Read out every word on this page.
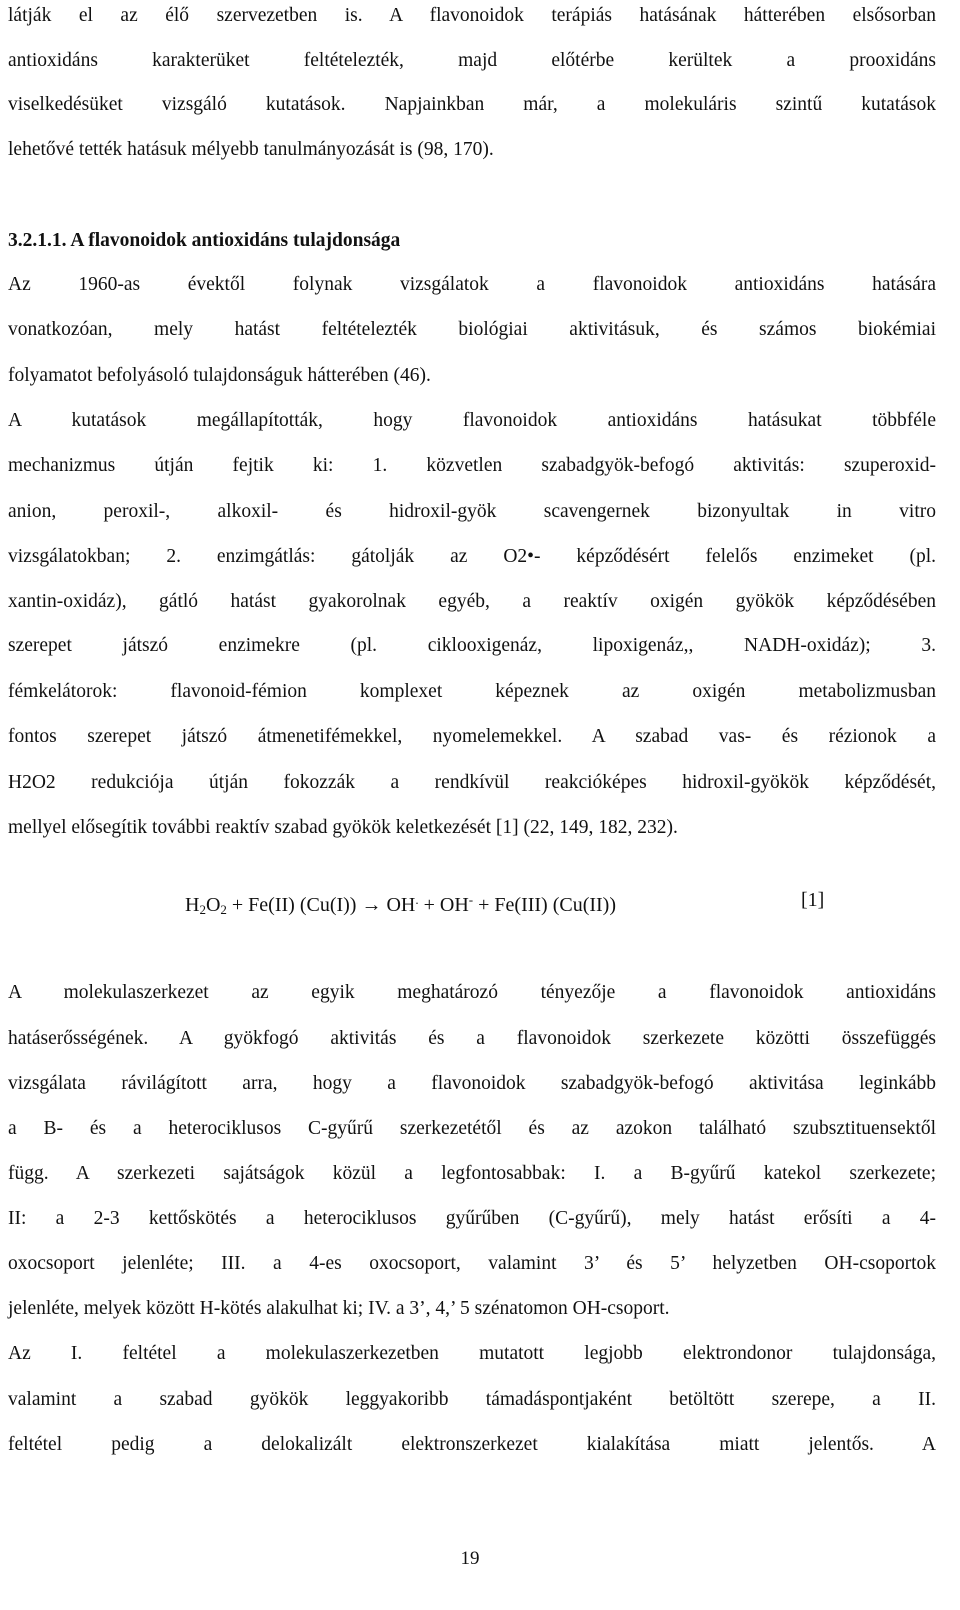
látják el az élő szervezetben is. A flavonoidok terápiás hatásának hátterében elsősorban
antioxidáns karakterüket feltételezték, majd előtérbe kerültek a prooxidáns
viselkedésüket vizsgáló kutatások. Napjainkban már, a molekuláris szintű kutatások
lehetővé tették hatásuk mélyebb tanulmányozását is (98, 170).
3.2.1.1. A flavonoidok antioxidáns tulajdonsága
Az 1960-as évektől folynak vizsgálatok a flavonoidok antioxidáns hatására
vonatkozóan, mely hatást feltételezték biológiai aktivitásuk, és számos biokémiai
folyamatot befolyásoló tulajdonságuk hátterében (46).
A kutatások megállapították, hogy flavonoidok antioxidáns hatásukat többféle
mechanizmus útján fejtik ki: 1. közvetlen szabadgyök-befogó aktivitás: szuperoxid-
anion, peroxil-, alkoxil- és hidroxil-gyök scavengernek bizonyultak in vitro
vizsgálatokban; 2. enzimgátlás: gátolják az O2•- képződésért felelős enzimeket (pl.
xantin-oxidáz), gátló hatást gyakorolnak egyéb, a reaktív oxigén gyökök képződésében
szerepet játszó enzimekre (pl. ciklooxigenáz, lipoxigenáz,, NADH-oxidáz); 3.
fémkelátorok: flavonoid-fémion komplexet képeznek az oxigén metabolizmusban
fontos szerepet játszó átmenetifémekkel, nyomelemekkel. A szabad vas- és rézionok a
H2O2 redukciója útján fokozzák a rendkívül reakcióképes hidroxil-gyökök képződését,
mellyel elősegítik további reaktív szabad gyökök keletkezését [1] (22, 149, 182, 232).
$H_2O_2 + Fe(II) (Cu(I)) \to OH^. + OH^- + Fe(III)$ (Cu(II))	[1]
A molekulaszerkezet az egyik meghatározó tényezője a flavonoidok antioxidáns
hatáserősségének. A gyökfogó aktivitás és a flavonoidok szerkezete közötti összefüggés
vizsgálata rávilágított arra, hogy a flavonoidok szabadgyök-befogó aktivitása leginkább
a B- és a heterociklusos C-gyűrű szerkezetétől és az azokon található szubsztituensektől
függ. A szerkezeti sajátságok közül a legfontosabbak: I. a B-gyűrű katekol szerkezete;
II: a 2-3 kettőskötés a heterociklusos gyűrűben (C-gyűrű), mely hatást erősíti a 4-
oxocsoport jelenléte; III. a 4-es oxocsoport, valamint 3’ és 5’ helyzetben OH-csoportok
jelenléte, melyek között H-kötés alakulhat ki; IV. a 3’, 4,’ 5 szénatomon OH-csoport.
Az I. feltétel a molekulaszerkezetben mutatott legjobb elektrondonor tulajdonsága,
valamint a szabad gyökök leggyakoribb támadáspontjaként betöltött szerepe, a II.
feltétel pedig a delokalizált elektronszerkezet kialakítása miatt jelentős. A
19
